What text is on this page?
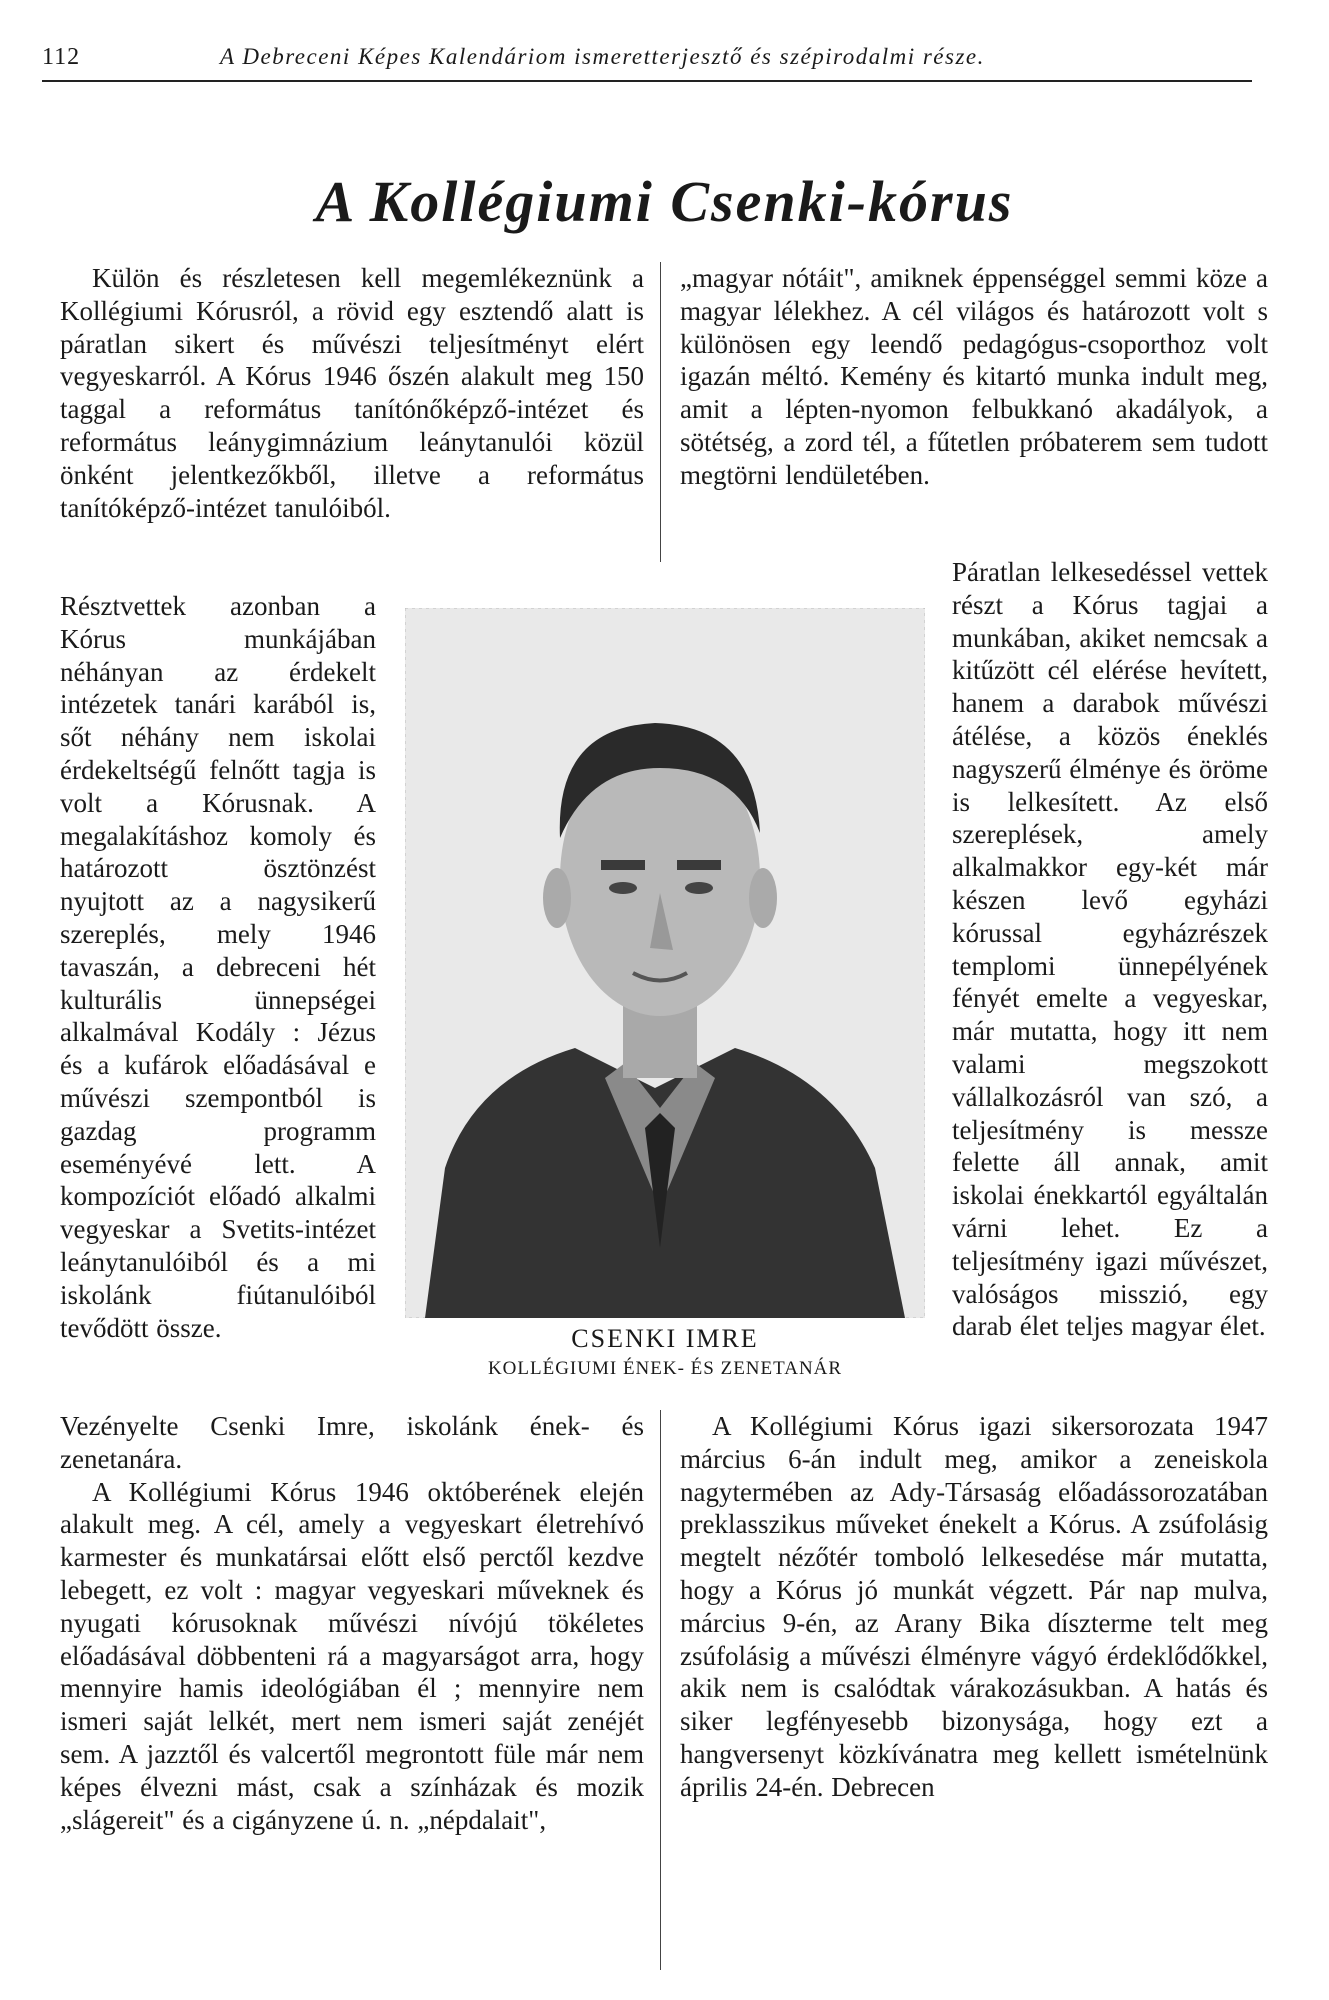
112	A Debreceni Képes Kalendáriom ismeretterjesztő és szépirodalmi része.
A Kollégiumi Csenki-kórus

Külön és részletesen kell megemlékeznünk a Kollégiumi Kórusról, a rövid egy esztendő alatt is páratlan sikert és művészi teljesítményt elért vegyeskarról. A Kórus 1946 őszén alakult meg 150 taggal a református tanítónőképző-intézet és református leánygimnázium leánytanulói közül önként jelentkezőkből, illetve a református tanítóképző-intézet tanulóiból.

Résztvettek azonban a Kórus munkájában néhányan az érdekelt intézetek tanári karából is, sőt néhány nem iskolai érdekeltségű felnőtt tagja is volt a Kórusnak. A megalakításhoz komoly és határozott ösztönzést nyujtott az a nagysikerű szereplés, mely 1946 tavaszán, a debreceni hét kulturális ünnepségei alkalmával Kodály : Jézus és a kufárok előadásával e művészi szempontból is gazdag programm eseményévé lett. A kompozíciót előadó alkalmi vegyeskar a Svetits-intézet leánytanulóiból és a mi iskolánk fiútanulóiból tevődött össze.

Vezényelte Csenki Imre, iskolánk ének- és zenetanára.

A Kollégiumi Kórus 1946 októberének elején alakult meg. A cél, amely a vegyeskart életrehívó karmester és munkatársai előtt első perctől kezdve lebegett, ez volt : magyar vegyeskari műveknek és nyugati kórusoknak művészi nívójú tökéletes előadásával döbbenteni rá a magyarságot arra, hogy mennyire hamis ideológiában él ; mennyire nem ismeri saját lelkét, mert nem ismeri saját zenéjét sem. A jazztől és valcertől megrontott füle már nem képes élvezni mást, csak a színházak és mozik „slágereit" és a cigányzene ú. n. „népdalait",

„magyar nótáit", amiknek éppenséggel semmi köze a magyar lélekhez. A cél világos és határozott volt s különösen egy leendő pedagógus-csoporthoz volt igazán méltó. Kemény és kitartó munka indult meg, amit a lépten-nyomon felbukkanó akadályok, a sötétség, a zord tél, a fűtetlen próbaterem sem tudott megtörni lendületében.

Páratlan lelkesedéssel vettek részt a Kórus tagjai a munkában, akiket nemcsak a kitűzött cél elérése hevített, hanem a darabok művészi átélése, a közös éneklés nagyszerű élménye és öröme is lelkesített. Az első szereplések, amely alkalmakkor egy-két már készen levő egyházi kórussal egyházrészek templomi ünnepélyének fényét emelte a vegyeskar, már mutatta, hogy itt nem valami megszokott vállalkozásról van szó, a teljesítmény is messze felette áll annak, amit iskolai énekkartól egyáltalán várni lehet. Ez a teljesítmény igazi művészet, valóságos misszió, egy darab élet teljes magyar élet.

A Kollégiumi Kórus igazi sikersorozata 1947 március 6-án indult meg, amikor a zeneiskola nagytermében az Ady-Társaság előadássorozatában preklasszikus műveket énekelt a Kórus. A zsúfolásig megtelt nézőtér tomboló lelkesedése már mutatta, hogy a Kórus jó munkát végzett. Pár nap mulva, március 9-én, az Arany Bika díszterme telt meg zsúfolásig a művészi élményre vágyó érdeklődőkkel, akik nem is csalódtak várakozásukban. A hatás és siker legfényesebb bizonysága, hogy ezt a hangversenyt közkívánatra meg kellett ismételnünk április 24-én. Debrecen

CSENKI IMRE
KOLLÉGIUMI ÉNEK- ÉS ZENETANÁR
